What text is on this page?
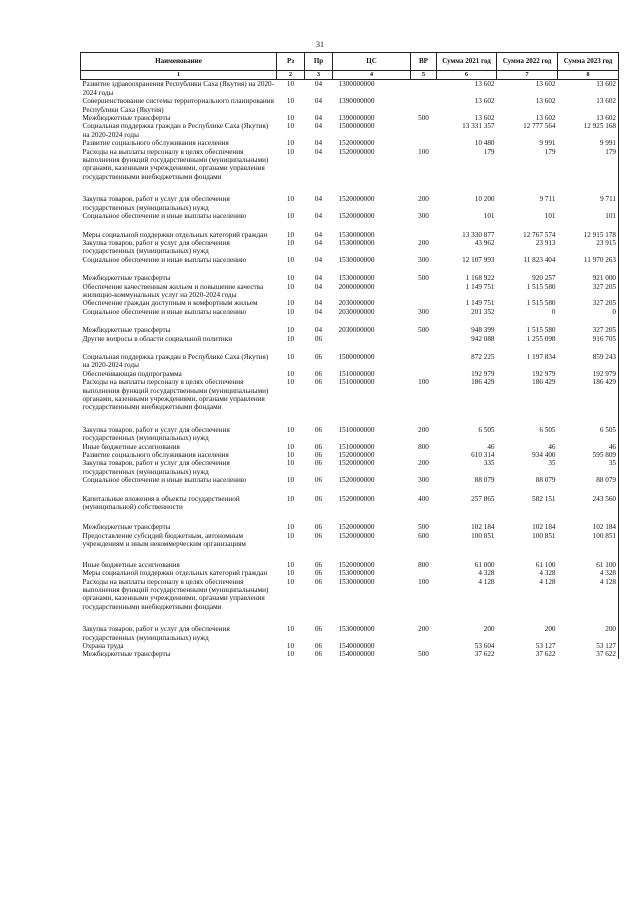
31
Наименование	Рз	Пр	ЦС	ВР	Сумма 2021 год	Сумма 2022 год	Сумма 2023 год
1	2	3	4	5	6	7	8
Развитие здравоохранения Республики Саха (Якутия) на 2020-2024 годы	10	04	1300000000		13 602	13 602	13 602
Совершенствование системы территориального планирования Республики Саха (Якутия)	10	04	1390000000		13 602	13 602	13 602
Межбюджетные трансферты	10	04	1390000000	500	13 602	13 602	13 602
Социальная поддержка граждан в Республике Саха (Якутия) на 2020-2024 годы	10	04	1500000000		13 331 357	12 777 564	12 925 168
Развитие социального обслуживания населения	10	04	1520000000		10 480	9 991	9 991
Расходы на выплаты персоналу в целях обеспечения выполнения функций государственными (муниципальными) органами, казенными учреждениями, органами управления государственными внебюджетными фондами	10	04	1520000000	100	179	179	179
Закупка товаров, работ и услуг для обеспечения государственных (муниципальных) нужд	10	04	1520000000	200	10 200	9 711	9 711
Социальное обеспечение и иные выплаты населению	10	04	1520000000	300	101	101	101
Меры социальной поддержки отдельных категорий граждан	10	04	1530000000		13 330 877	12 767 574	12 915 178
Закупка товаров, работ и услуг для обеспечения государственных (муниципальных) нужд	10	04	1530000000	200	43 962	23 913	23 915
Социальное обеспечение и иные выплаты населению	10	04	1530000000	300	12 107 993	11 823 404	11 970 263
Межбюджетные трансферты	10	04	1530000000	500	1 168 922	920 257	921 000
Обеспечение качественным жильем и повышение качества жилищно-коммунальных услуг на 2020-2024 годы	10	04	2000000000		1 149 751	1 515 580	327 205
Обеспечение граждан доступным и комфортным жильем	10	04	2030000000		1 149 751	1 515 580	327 205
Социальное обеспечение и иные выплаты населению	10	04	2030000000	300	201 352	0	0
Межбюджетные трансферты	10	04	2030000000	500	948 399	1 515 580	327 205
Другие вопросы в области социальной политики	10	06			942 088	1 255 098	916 705
Социальная поддержка граждан в Республике Саха (Якутия) на 2020-2024 годы	10	06	1500000000		872 225	1 197 834	859 243
Обеспечивающая подпрограмма	10	06	1510000000		192 979	192 979	192 979
Расходы на выплаты персоналу в целях обеспечения выполнения функций государственными (муниципальными) органами, казенными учреждениями, органами управления государственными внебюджетными фондами	10	06	1510000000	100	186 429	186 429	186 429
Закупка товаров, работ и услуг для обеспечения государственных (муниципальных) нужд	10	06	1510000000	200	6 505	6 505	6 505
Иные бюджетные ассигнования	10	06	1510000000	800	46	46	46
Развитие социального обслуживания населения	10	06	1520000000		610 314	934 400	595 809
Закупка товаров, работ и услуг для обеспечения государственных (муниципальных) нужд	10	06	1520000000	200	335	35	35
Социальное обеспечение и иные выплаты населению	10	06	1520000000	300	88 079	88 079	88 079
Капитальные вложения в объекты государственной (муниципальной) собственности	10	06	1520000000	400	257 865	582 151	243 560
Межбюджетные трансферты	10	06	1520000000	500	102 184	102 184	102 184
Предоставление субсидий бюджетным, автономным учреждениям и иным некоммерческим организациям	10	06	1520000000	600	100 851	100 851	100 851
Иные бюджетные ассигнования	10	06	1520000000	800	61 000	61 100	61 100
Меры социальной поддержки отдельных категорий граждан	10	06	1530000000		4 328	4 328	4 328
Расходы на выплаты персоналу в целях обеспечения выполнения функций государственными (муниципальными) органами, казенными учреждениями, органами управления государственными внебюджетными фондами	10	06	1530000000	100	4 128	4 128	4 128
Закупка товаров, работ и услуг для обеспечения государственных (муниципальных) нужд	10	06	1530000000	200	200	200	200
Охрана труда	10	06	1540000000		53 604	53 127	53 127
Межбюджетные трансферты	10	06	1540000000	500	37 622	37 622	37 622
